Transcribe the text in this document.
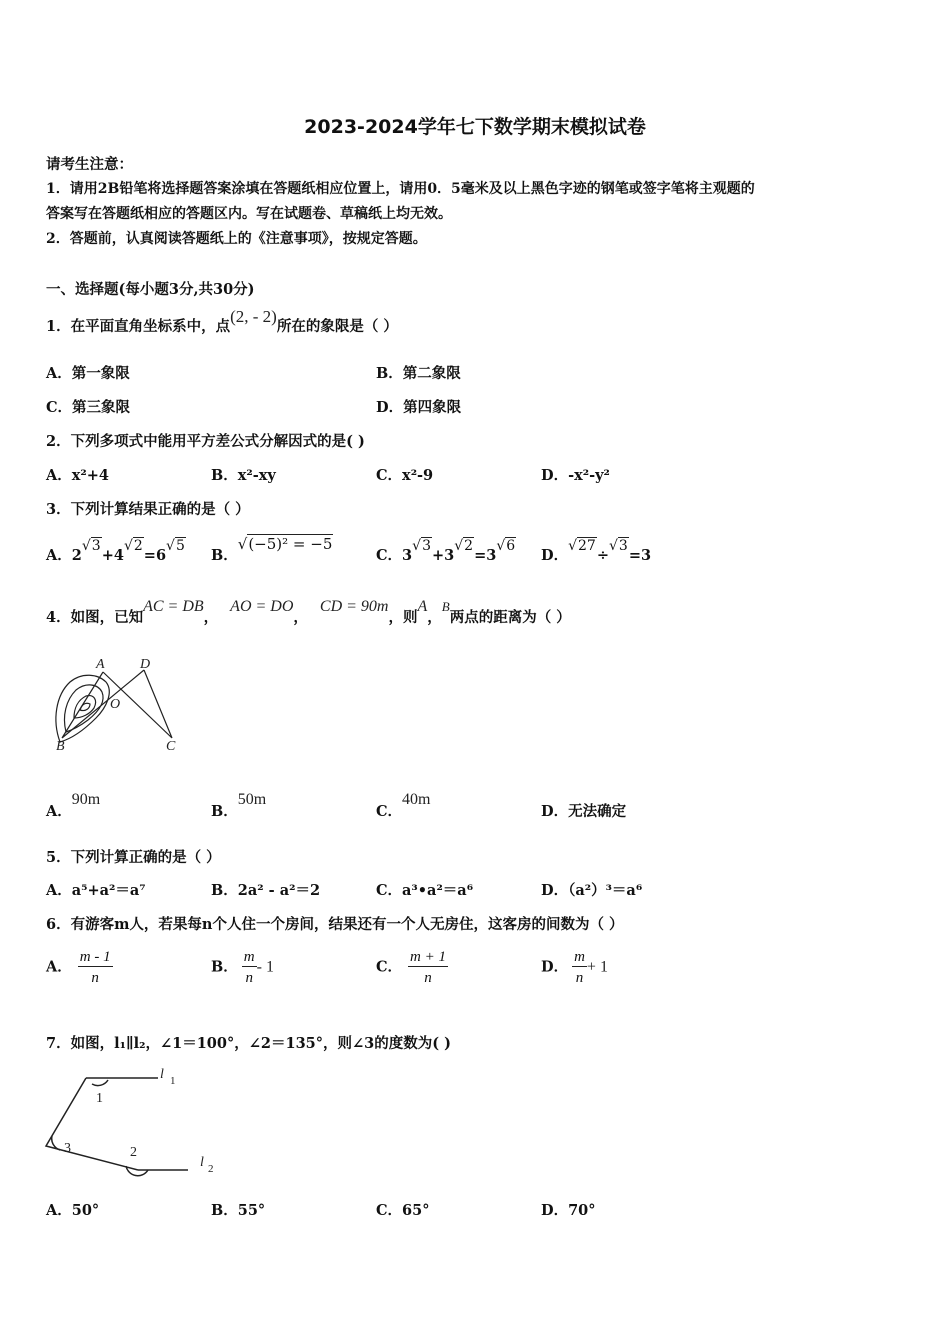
2023-2024学年七下数学期末模拟试卷
请考生注意：
1．请用2B铅笔将选择题答案涂填在答题纸相应位置上，请用0．5毫米及以上黑色字迹的钢笔或签字笔将主观题的
答案写在答题纸相应的答题区内。写在试题卷、草稿纸上均无效。
2．答题前，认真阅读答题纸上的《注意事项》，按规定答题。
一、选择题(每小题3分,共30分)
1．在平面直角坐标系中，点(2, - 2)所在的象限是（ ）
A．第一象限	B．第二象限
C．第三象限	D．第四象限
2．下列多项式中能用平方差公式分解因式的是( )
A．x²+4	B．x²-xy	C．x²-9	D．-x²-y²
3．下列计算结果正确的是（ ）
A．2√3+4√2=6√5
B．√(−5)² = −5
C．3√3+3√2=3√6
D．√27÷√3=3
4．如图，已知AC = DB，AO = DO，CD = 90m，则A，B两点的距离为（ ）
A	D
O
B	C
A．90m
B．50m
C．40m
D．无法确定
5．下列计算正确的是（ ）
A．a⁵+a²＝a⁷	B．2a² - a²＝2	C．a³•a²＝a⁶	D．（a²）³＝a⁶
6．有游客m人，若果每n个人住一个房间，结果还有一个人无房住，这客房的间数为（ ）
A． $\frac{m - 1}{n}$	B． $\frac{m}{n} - 1$	C． $\frac{m + 1}{n}$	D． $\frac{m}{n} + 1$
7．如图，l₁∥l₂，∠1＝100°，∠2＝135°，则∠3的度数为( )
l 1
1
3	2
l 2
A．50°	B．55°	C．65°	D．70°
